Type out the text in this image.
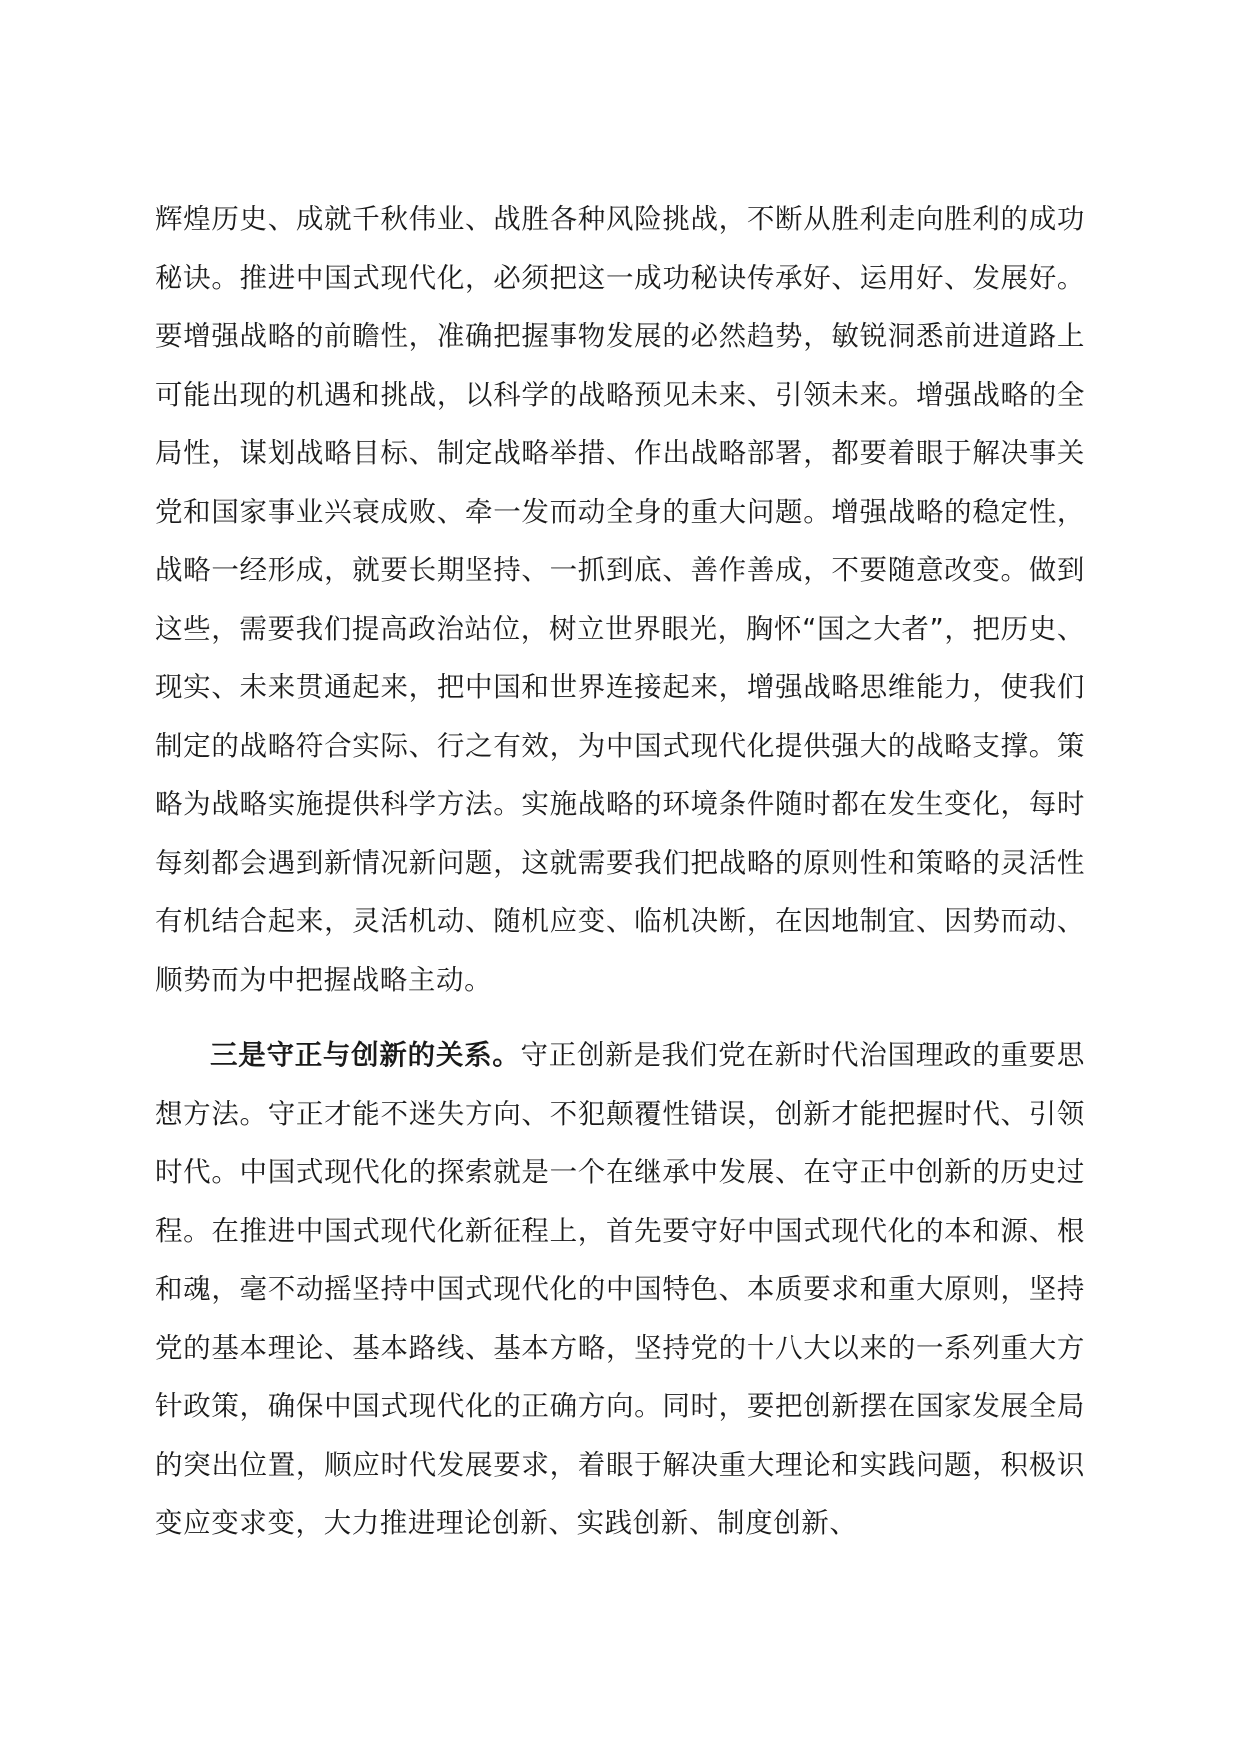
辉煌历史、成就千秋伟业、战胜各种风险挑战，不断从胜利走向胜利的成功秘诀。推进中国式现代化，必须把这一成功秘诀传承好、运用好、发展好。要增强战略的前瞻性，准确把握事物发展的必然趋势，敏锐洞悉前进道路上可能出现的机遇和挑战，以科学的战略预见未来、引领未来。增强战略的全局性，谋划战略目标、制定战略举措、作出战略部署，都要着眼于解决事关党和国家事业兴衰成败、牵一发而动全身的重大问题。增强战略的稳定性，战略一经形成，就要长期坚持、一抓到底、善作善成，不要随意改变。做到这些，需要我们提高政治站位，树立世界眼光，胸怀“国之大者”，把历史、现实、未来贯通起来，把中国和世界连接起来，增强战略思维能力，使我们制定的战略符合实际、行之有效，为中国式现代化提供强大的战略支撑。策略为战略实施提供科学方法。实施战略的环境条件随时都在发生变化，每时每刻都会遇到新情况新问题，这就需要我们把战略的原则性和策略的灵活性有机结合起来，灵活机动、随机应变、临机决断，在因地制宜、因势而动、顺势而为中把握战略主动。

三是守正与创新的关系。守正创新是我们党在新时代治国理政的重要思想方法。守正才能不迷失方向、不犯颠覆性错误，创新才能把握时代、引领时代。中国式现代化的探索就是一个在继承中发展、在守正中创新的历史过程。在推进中国式现代化新征程上，首先要守好中国式现代化的本和源、根和魂，毫不动摇坚持中国式现代化的中国特色、本质要求和重大原则，坚持党的基本理论、基本路线、基本方略，坚持党的十八大以来的一系列重大方针政策，确保中国式现代化的正确方向。同时，要把创新摆在国家发展全局的突出位置，顺应时代发展要求，着眼于解决重大理论和实践问题，积极识变应变求变，大力推进理论创新、实践创新、制度创新、
